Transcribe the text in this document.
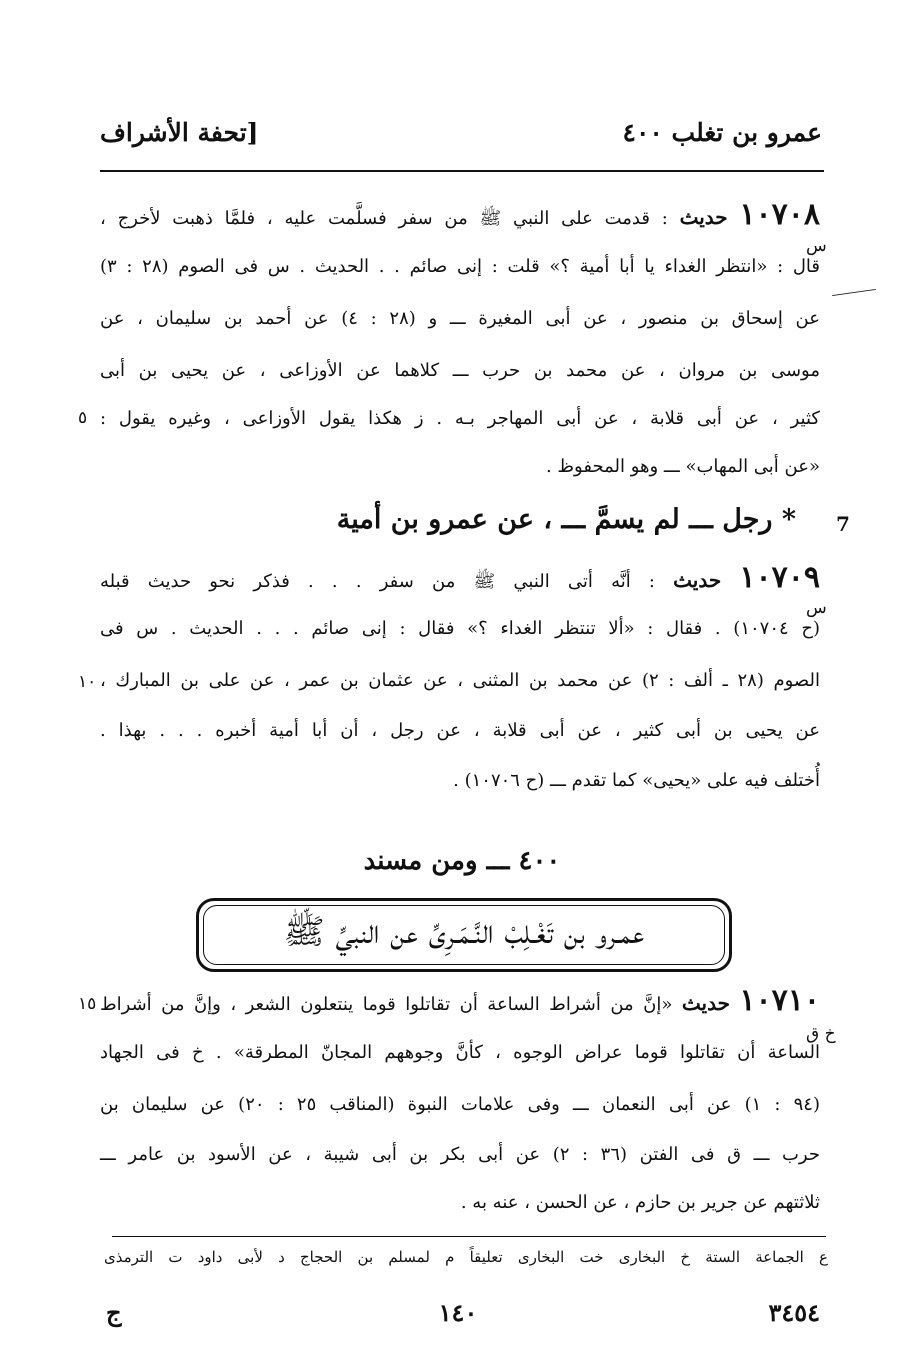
عمرو بن تغلب ٤٠٠
[تحفة الأشراف
١٠٧٠٨ حديث : قدمت على النبي ﷺ من سفر فسلَّمت عليه ، فلمَّا ذهبت لأخرج ،
س
قال : «انتظر الغداء يا أبا أمية ؟» قلت : إنى صائم . . الحديث . س فى الصوم (٢٨ : ٣)
عن إسحاق بن منصور ، عن أبى المغيرة ـــ و (٢٨ : ٤) عن أحمد بن سليمان ، عن
موسى بن مروان ، عن محمد بن حرب ـــ كلاهما عن الأوزاعى ، عن يحيى بن أبى
كثير ، عن أبى قلابة ، عن أبى المهاجر بـه . ز هكذا يقول الأوزاعى ، وغيره يقول :
٥
«عن أبى المهاب» ـــ وهو المحفوظ .
* رجل ـــ لم يسمَّ ـــ ، عن عمرو بن أمية 7
١٠٧٠٩ حديث : أنَّه أتى النبي ﷺ من سفر . . . فذكر نحو حديث قبله
س
(ح ١٠٧٠٤) . فقال : «ألا تنتظر الغداء ؟» فقال : إنى صائم . . . الحديث . س فى
الصوم (٢٨ ـ ألف : ٢) عن محمد بن المثنى ، عن عثمان بن عمر ، عن على بن المبارك ،
١٠
عن يحيى بن أبى كثير ، عن أبى قلابة ، عن رجل ، أن أبا أمية أخبره . . . بهذا .
أُختلف فيه على «يحيى» كما تقدم ـــ (ح ١٠٧٠٦) .
٤٠٠ ـــ ومن مسند
عمـرو بن تَغْـلِبْ النَّـمَـرِىِّ عن النبيِّ ﷺ
١٠٧١٠ حديث «إنَّ من أشراط الساعة أن تقاتلوا قوما ينتعلون الشعر ، وإنَّ من أشراط
١٥
خ ق
الساعة أن تقاتلوا قوما عراض الوجوه ، كأنَّ وجوههم المجانّ المطرقة» . خ فى الجهاد
(٩٤ : ١) عن أبى النعمان ـــ وفى علامات النبوة (المناقب ٢٥ : ٢٠) عن سليمان بن
حرب ـــ ق فى الفتن (٣٦ : ٢) عن أبى بكر بن أبى شيبة ، عن الأسود بن عامر ـــ
ثلاثتهم عن جرير بن حازم ، عن الحسن ، عنه به .
ع الجماعة الستة خ البخارى خت البخارى تعليقاً م لمسلم بن الحجاج د لأبى داود ت الترمذى
٣٤٥٤
١٤٠
ج
